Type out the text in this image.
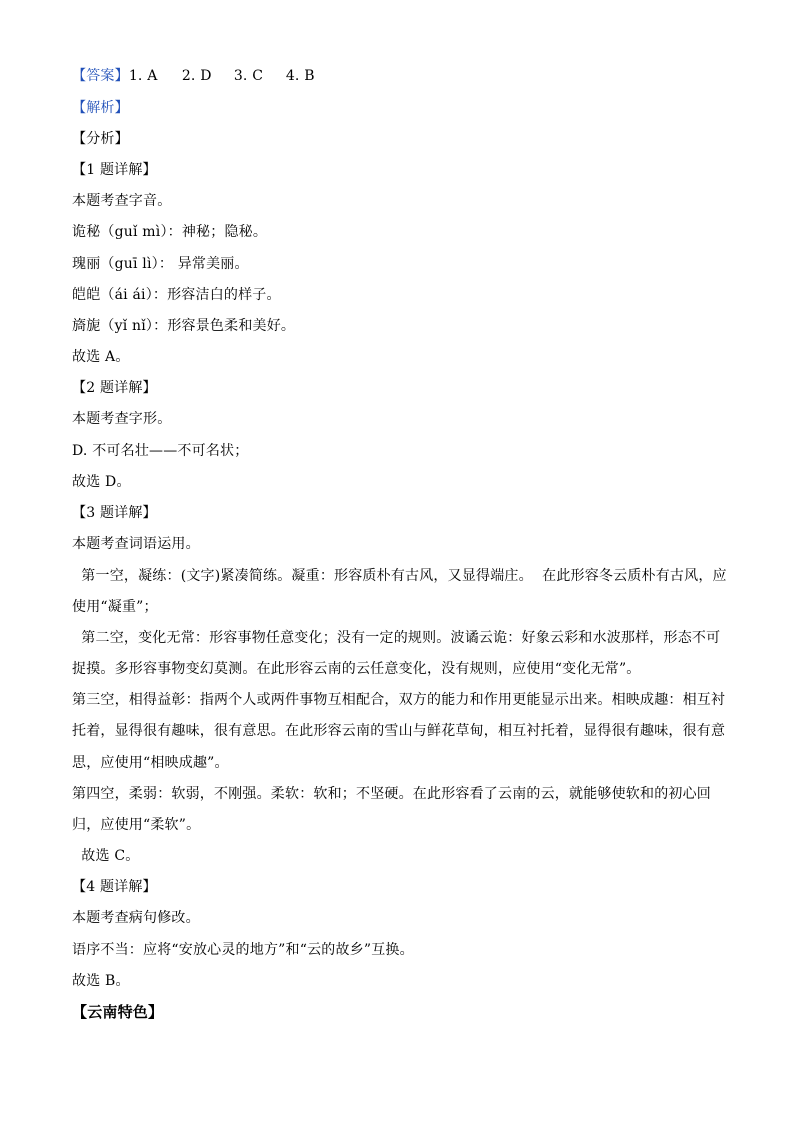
【答案】1. A 2. D 3. C 4. B
【解析】
【分析】
【1 题详解】
本题考查字音。
诡秘（guǐ mì）：神秘；隐秘。
瑰丽（guī lì）： 异常美丽。
皑皑（ái ái）：形容洁白的样子。
旖旎（yǐ nǐ）：形容景色柔和美好。
故选 A。
【2 题详解】
本题考查字形。
D. 不可名壮——不可名状；
故选 D。
【3 题详解】
本题考查词语运用。
第一空，凝练：(文字)紧凑简练。凝重：形容质朴有古风，又显得端庄。  在此形容冬云质朴有古风，应
使用“凝重”；
第二空，变化无常：形容事物任意变化；没有一定的规则。波谲云诡：好象云彩和水波那样，形态不可
捉摸。多形容事物变幻莫测。在此形容云南的云任意变化，没有规则，应使用“变化无常”。
第三空，相得益彰：指两个人或两件事物互相配合，双方的能力和作用更能显示出来。相映成趣：相互衬
托着，显得很有趣味，很有意思。在此形容云南的雪山与鲜花草甸，相互衬托着，显得很有趣味，很有意
思，应使用“相映成趣”。
第四空，柔弱：软弱，不刚强。柔软：软和；不坚硬。在此形容看了云南的云，就能够使软和的初心回
归，应使用“柔软”。
故选 C。
【4 题详解】
本题考查病句修改。
语序不当：应将“安放心灵的地方”和“云的故乡”互换。
故选 B。
【云南特色】
